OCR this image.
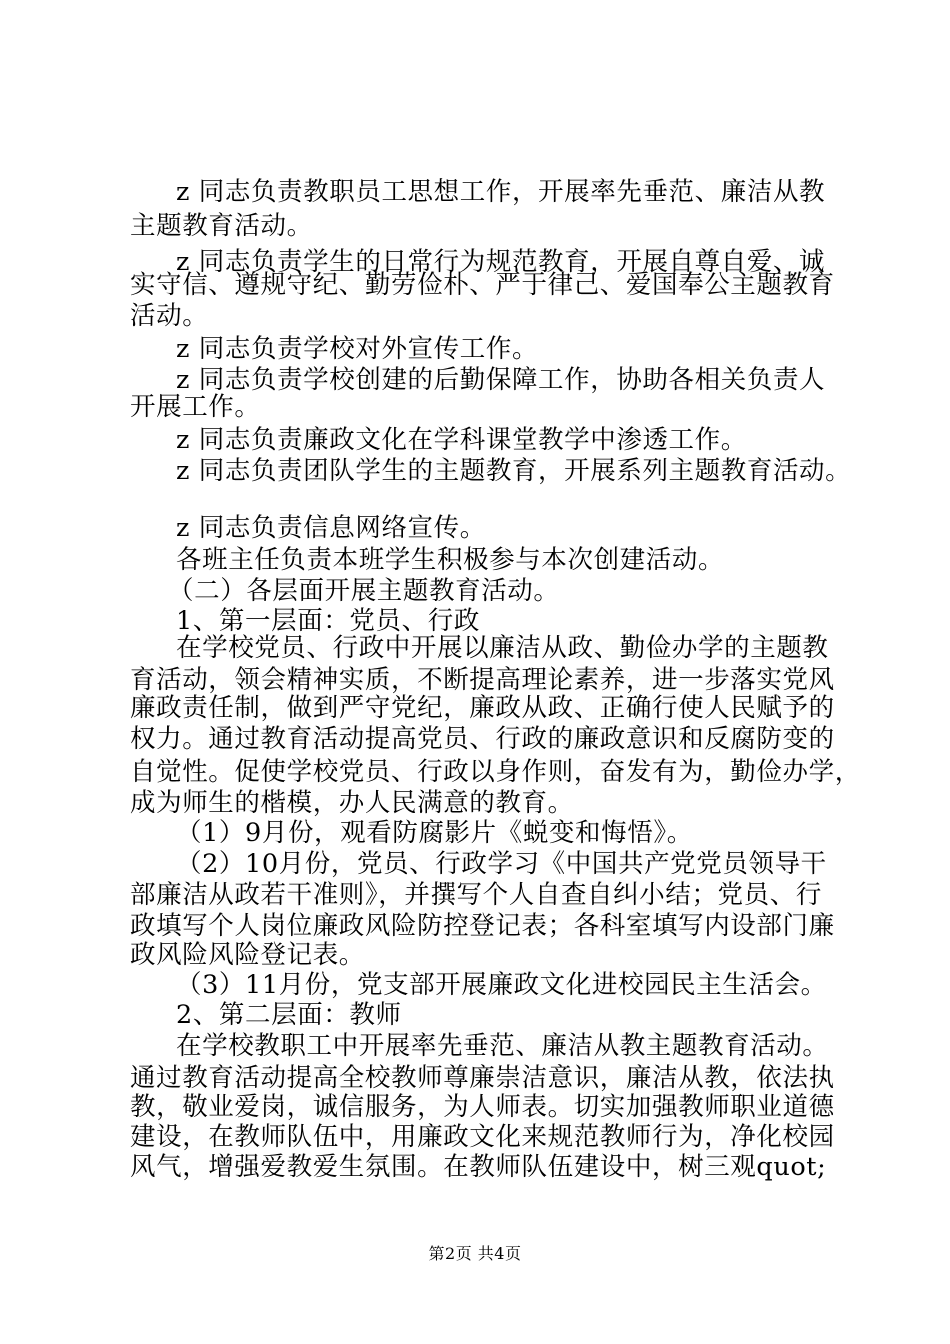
z 同志负责教职员工思想工作，开展率先垂范、廉洁从教
主题教育活动。
z 同志负责学生的日常行为规范教育，开展自尊自爱、诚
实守信、遵规守纪、勤劳俭朴、严于律己、爱国奉公主题教育
活动。
z 同志负责学校对外宣传工作。
z 同志负责学校创建的后勤保障工作，协助各相关负责人
开展工作。
z 同志负责廉政文化在学科课堂教学中渗透工作。
z 同志负责团队学生的主题教育，开展系列主题教育活动。
z 同志负责信息网络宣传。
各班主任负责本班学生积极参与本次创建活动。
（二）各层面开展主题教育活动。
1、第一层面：党员、行政
在学校党员、行政中开展以廉洁从政、勤俭办学的主题教
育活动，领会精神实质，不断提高理论素养，进一步落实党风
廉政责任制，做到严守党纪，廉政从政、正确行使人民赋予的
权力。通过教育活动提高党员、行政的廉政意识和反腐防变的
自觉性。促使学校党员、行政以身作则，奋发有为，勤俭办学，
成为师生的楷模，办人民满意的教育。
（1）9月份，观看防腐影片《蜕变和悔悟》。
（2）10月份，党员、行政学习《中国共产党党员领导干
部廉洁从政若干准则》，并撰写个人自查自纠小结；党员、行
政填写个人岗位廉政风险防控登记表；各科室填写内设部门廉
政风险风险登记表。
（3）11月份，党支部开展廉政文化进校园民主生活会。
2、第二层面：教师
在学校教职工中开展率先垂范、廉洁从教主题教育活动。
通过教育活动提高全校教师尊廉崇洁意识，廉洁从教，依法执
教，敬业爱岗，诚信服务，为人师表。切实加强教师职业道德
建设，在教师队伍中，用廉政文化来规范教师行为，净化校园
风气，增强爱教爱生氛围。在教师队伍建设中，树三观quot;
第2页 共4页
